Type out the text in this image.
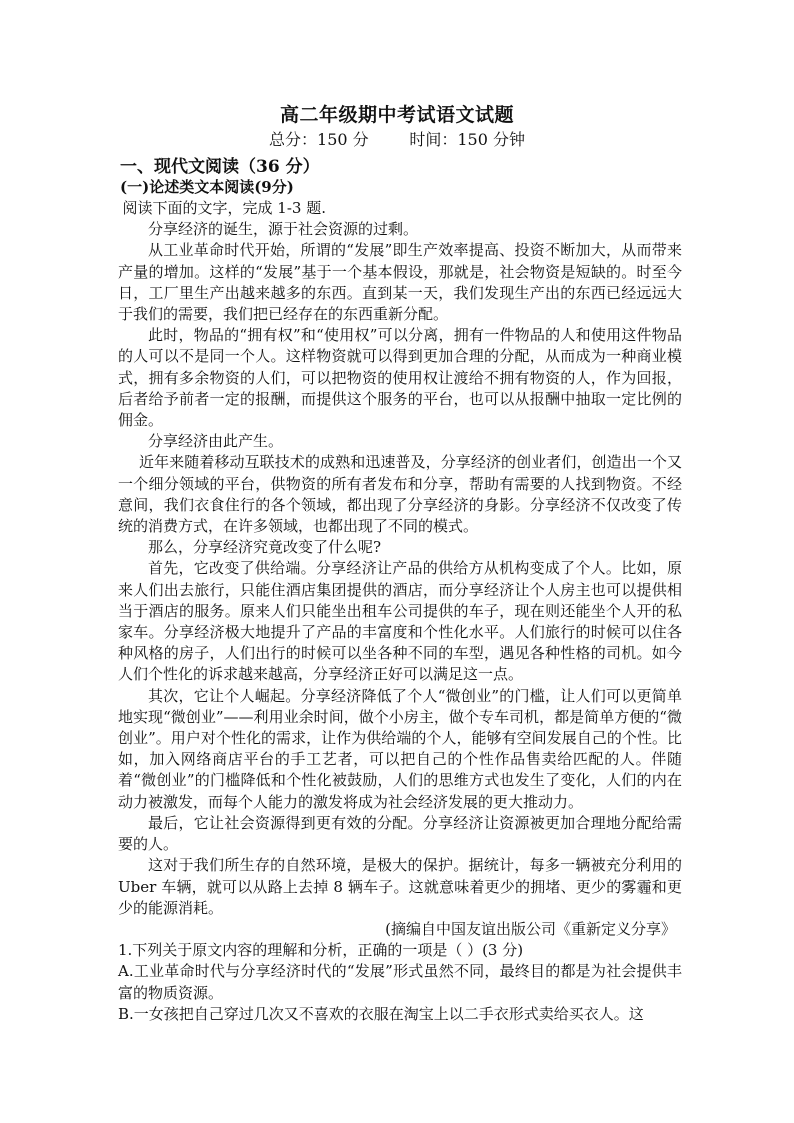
高二年级期中考试语文试题
总分：150 分        时间：150 分钟
一、现代文阅读（36 分）
(一)论述类文本阅读(9分)

阅读下面的文字，完成 1-3 题.

分享经济的诞生，源于社会资源的过剩。

从工业革命时代开始，所谓的“发展”即生产效率提高、投资不断加大，从而带来产量的增加。这样的“发展”基于一个基本假设，那就是，社会物资是短缺的。时至今日，工厂里生产出越来越多的东西。直到某一天，我们发现生产出的东西已经远远大于我们的需要，我们把已经存在的东西重新分配。

此时，物品的“拥有权”和“使用权”可以分离，拥有一件物品的人和使用这件物品的人可以不是同一个人。这样物资就可以得到更加合理的分配，从而成为一种商业模式，拥有多余物资的人们，可以把物资的使用权让渡给不拥有物资的人，作为回报，后者给予前者一定的报酬，而提供这个服务的平台，也可以从报酬中抽取一定比例的佣金。

分享经济由此产生。

近年来随着移动互联技术的成熟和迅速普及，分享经济的创业者们，创造出一个又一个细分领域的平台，供物资的所有者发布和分享，帮助有需要的人找到物资。不经意间，我们衣食住行的各个领域，都出现了分享经济的身影。分享经济不仅改变了传统的消费方式，在许多领域，也都出现了不同的模式。

那么，分享经济究竟改变了什么呢?

首先，它改变了供给端。分享经济让产品的供给方从机构变成了个人。比如，原来人们出去旅行，只能住酒店集团提供的酒店，而分享经济让个人房主也可以提供相当于酒店的服务。原来人们只能坐出租车公司提供的车子，现在则还能坐个人开的私家车。分享经济极大地提升了产品的丰富度和个性化水平。人们旅行的时候可以住各种风格的房子，人们出行的时候可以坐各种不同的车型，遇见各种性格的司机。如今人们个性化的诉求越来越高，分享经济正好可以满足这一点。

其次，它让个人崛起。分享经济降低了个人“微创业”的门槛，让人们可以更简单地实现“微创业”——利用业余时间，做个小房主，做个专车司机，都是简单方便的“微创业”。用户对个性化的需求，让作为供给端的个人，能够有空间发展自己的个性。比如，加入网络商店平台的手工艺者，可以把自己的个性作品售卖给匹配的人。伴随着“微创业”的门槛降低和个性化被鼓励，人们的思维方式也发生了变化，人们的内在动力被激发，而每个人能力的激发将成为社会经济发展的更大推动力。

最后，它让社会资源得到更有效的分配。分享经济让资源被更加合理地分配给需要的人。

这对于我们所生存的自然环境，是极大的保护。据统计，每多一辆被充分利用的 Uber 车辆，就可以从路上去掉 8 辆车子。这就意味着更少的拥堵、更少的雾霾和更少的能源消耗。

(摘编自中国友谊出版公司《重新定义分享》

1.下列关于原文内容的理解和分析，正确的一项是（ ）(3 分)

A.工业革命时代与分享经济时代的“发展”形式虽然不同，最终目的都是为社会提供丰富的物质资源。

B.一女孩把自己穿过几次又不喜欢的衣服在淘宝上以二手衣形式卖给买衣人。这
